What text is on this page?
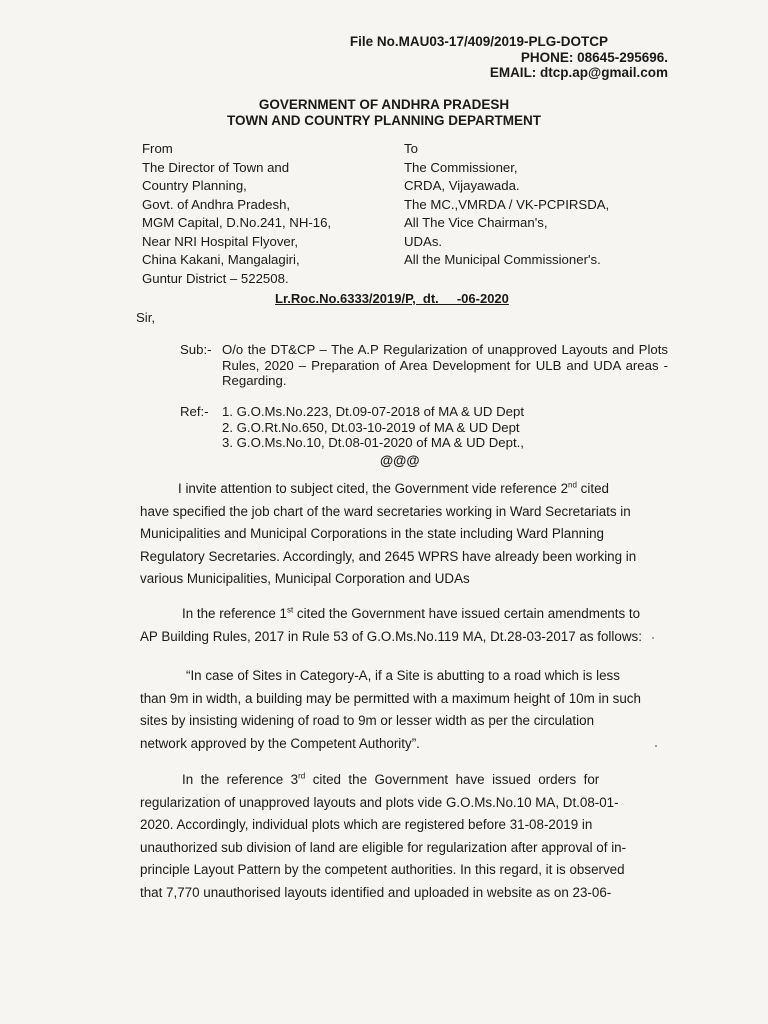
File No.MAU03-17/409/2019-PLG-DOTCP
PHONE: 08645-295696.
EMAIL: dtcp.ap@gmail.com
GOVERNMENT OF ANDHRA PRADESH
TOWN AND COUNTRY PLANNING DEPARTMENT
From
The Director of Town and
Country Planning,
Govt. of Andhra Pradesh,
MGM Capital, D.No.241, NH-16,
Near NRI Hospital Flyover,
China Kakani, Mangalagiri,
Guntur District – 522508.
To
The Commissioner,
CRDA, Vijayawada.
The MC.,VMRDA / VK-PCPIRSDA,
All The Vice Chairman's,
UDAs.
All the Municipal Commissioner's.
Lr.Roc.No.6333/2019/P,  dt.     -06-2020
Sir,
Sub:- O/o the DT&CP – The A.P Regularization of unapproved Layouts and Plots Rules, 2020 – Preparation of Area Development for ULB and UDA areas - Regarding.
Ref:- 1. G.O.Ms.No.223, Dt.09-07-2018 of MA & UD Dept
2. G.O.Rt.No.650, Dt.03-10-2019 of MA & UD Dept
3. G.O.Ms.No.10, Dt.08-01-2020 of MA & UD Dept.,
@@@
I invite attention to subject cited, the Government vide reference 2nd cited
have specified the job chart of the ward secretaries working in Ward Secretariats in
Municipalities and Municipal Corporations in the state including Ward Planning
Regulatory Secretaries. Accordingly, and 2645 WPRS have already been working in
various Municipalities, Municipal Corporation and UDAs
In the reference 1st cited the Government have issued certain amendments to
AP Building Rules, 2017 in Rule 53 of G.O.Ms.No.119 MA, Dt.28-03-2017 as follows:
“In case of Sites in Category-A, if a Site is abutting to a road which is less
than 9m in width, a building may be permitted with a maximum height of 10m in such
sites by insisting widening of road to 9m or lesser width as per the circulation
network approved by the Competent Authority”.
In  the  reference  3rd  cited  the  Government  have  issued  orders  for
regularization of unapproved layouts and plots vide G.O.Ms.No.10 MA, Dt.08-01-
2020. Accordingly, individual plots which are registered before 31-08-2019 in
unauthorized sub division of land are eligible for regularization after approval of in-
principle Layout Pattern by the competent authorities. In this regard, it is observed
that 7,770 unauthorised layouts identified and uploaded in website as on 23-06-
